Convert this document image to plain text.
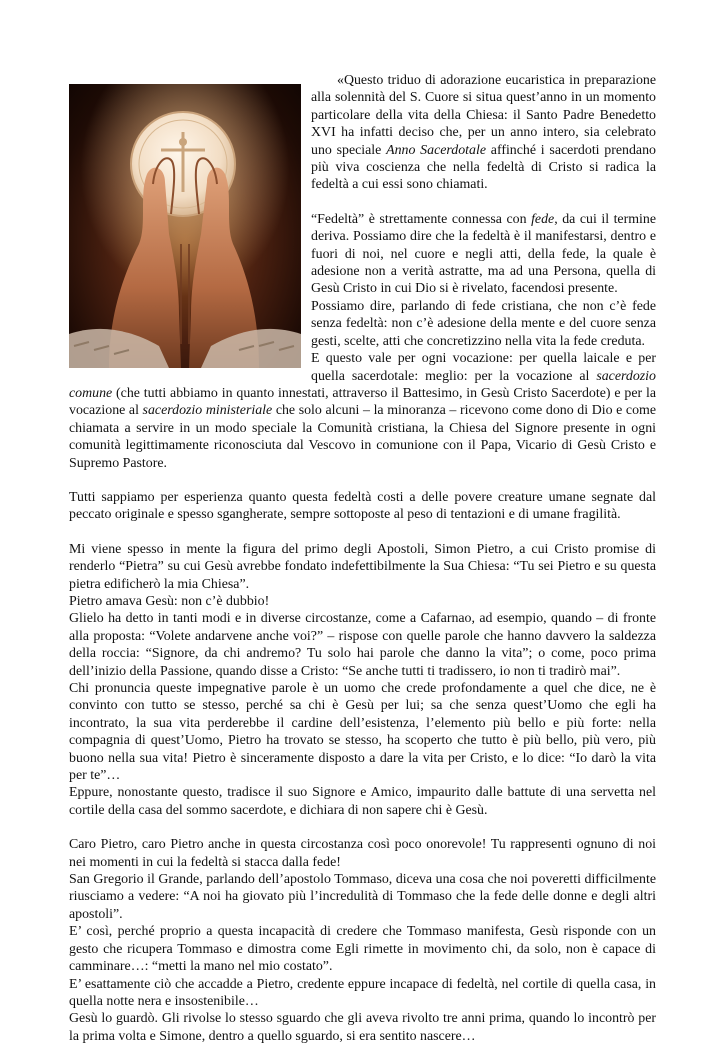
«Questo triduo di adorazione eucaristica in preparazione alla solennità del S. Cuore si situa quest’anno in un momento particolare della vita della Chiesa: il Santo Padre Benedetto XVI ha infatti deciso che, per un anno intero, sia celebrato uno speciale Anno Sacerdotale affinché i sacerdoti prendano più viva coscienza che nella fedeltà di Cristo si radica la fedeltà a cui essi sono chiamati.

“Fedeltà” è strettamente connessa con fede, da cui il termine deriva. Possiamo dire che la fedeltà è il manifestarsi, dentro e fuori di noi, nel cuore e negli atti, della fede, la quale è adesione non a verità astratte, ma ad una Persona, quella di Gesù Cristo in cui Dio si è rivelato, facendosi presente.

Possiamo dire, parlando di fede cristiana, che non c’è fede senza fedeltà: non c’è adesione della mente e del cuore senza gesti, scelte, atti che concretizzino nella vita la fede creduta.

E questo vale per ogni vocazione: per quella laicale e per quella sacerdotale: meglio: per la vocazione al sacerdozio comune (che tutti abbiamo in quanto innestati, attraverso il Battesimo, in Gesù Cristo Sacerdote) e per la vocazione al sacerdozio ministeriale che solo alcuni – la minoranza – ricevono come dono di Dio e come chiamata a servire in un modo speciale la Comunità cristiana, la Chiesa del Signore presente in ogni comunità legittimamente riconosciuta dal Vescovo in comunione con il Papa, Vicario di Gesù Cristo e Supremo Pastore.

Tutti sappiamo per esperienza quanto questa fedeltà costi a delle povere creature umane segnate dal peccato originale e spesso sgangherate, sempre sottoposte al peso di tentazioni e di umane fragilità.

Mi viene spesso in mente la figura del primo degli Apostoli, Simon Pietro, a cui Cristo promise di renderlo “Pietra” su cui Gesù avrebbe fondato indefettibilmente la Sua Chiesa: “Tu sei Pietro e su questa pietra edificherò la mia Chiesa”.

Pietro amava Gesù: non c’è dubbio!

Glielo ha detto in tanti modi e in diverse circostanze, come a Cafarnao, ad esempio, quando – di fronte alla proposta: “Volete andarvene anche voi?” – rispose con quelle parole che hanno davvero la saldezza della roccia: “Signore, da chi andremo? Tu solo hai parole che danno la vita”; o come, poco prima dell’inizio della Passione, quando disse a Cristo: “Se anche tutti ti tradissero, io non ti tradirò mai”.

Chi pronuncia queste impegnative parole è un uomo che crede profondamente a quel che dice, ne è convinto con tutto se stesso, perché sa chi è Gesù per lui; sa che senza quest’Uomo che egli ha incontrato, la sua vita perderebbe il cardine dell’esistenza, l’elemento più bello e più forte: nella compagnia di quest’Uomo, Pietro ha trovato se stesso, ha scoperto che tutto è più bello, più vero, più buono nella sua vita! Pietro è sinceramente disposto a dare la vita per Cristo, e lo dice: “Io darò la vita per te”…

Eppure, nonostante questo, tradisce il suo Signore e Amico, impaurito dalle battute di una servetta nel cortile della casa del sommo sacerdote, e dichiara di non sapere chi è Gesù.

Caro Pietro, caro Pietro anche in questa circostanza così poco onorevole! Tu rappresenti ognuno di noi nei momenti in cui la fedeltà si stacca dalla fede!

San Gregorio il Grande, parlando dell’apostolo Tommaso, diceva una cosa che noi poveretti difficilmente riusciamo a vedere: “A noi ha giovato più l’incredulità di Tommaso che la fede delle donne e degli altri apostoli”.

E’ così, perché proprio a questa incapacità di credere che Tommaso manifesta, Gesù risponde con un gesto che ricupera Tommaso e dimostra come Egli rimette in movimento chi, da solo, non è capace di camminare…: “metti la mano nel mio costato”.

E’ esattamente ciò che accadde a Pietro, credente eppure incapace di fedeltà, nel cortile di quella casa, in quella notte nera e insostenibile…

Gesù lo guardò. Gli rivolse lo stesso sguardo che gli aveva rivolto tre anni prima, quando lo incontrò per la prima volta e Simone, dentro a quello sguardo, si era sentito nascere…
